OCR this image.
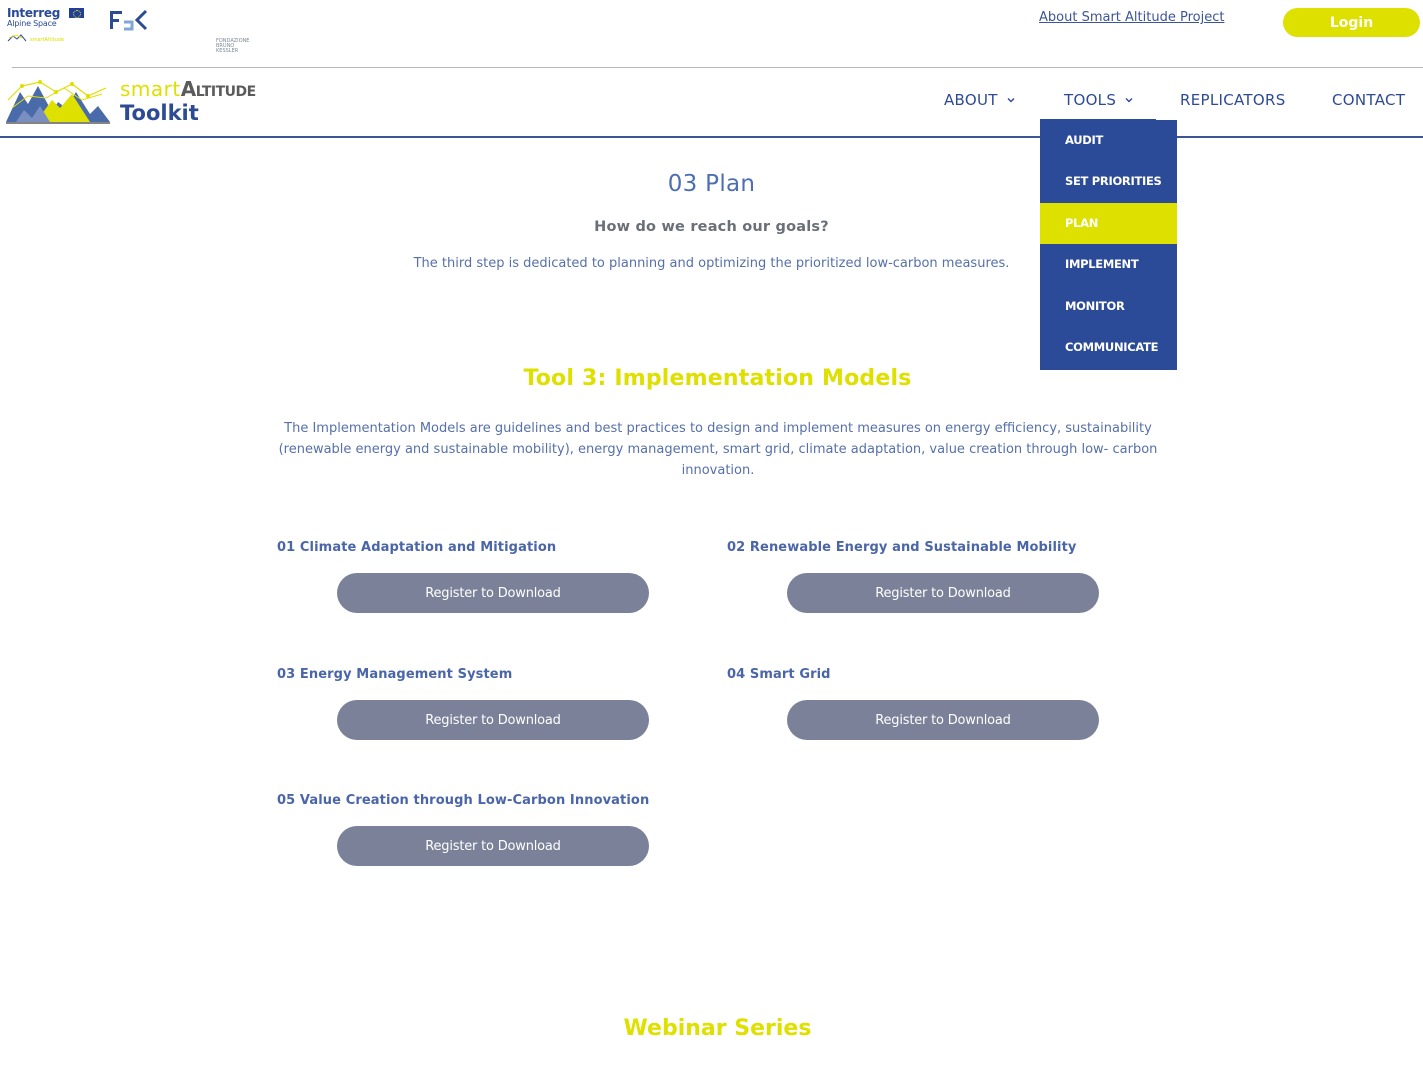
Interreg
Alpine Space
smartAltitude	FONDAZIONE
BRUNO KESSLER
About Smart Altitude Project	Login
smartAltitude
Toolkit
ABOUT	TOOLS	REPLICATORS	CONTACT
AUDIT
SET PRIORITIES
PLAN
IMPLEMENT
MONITOR
COMMUNICATE
03 Plan
How do we reach our goals?
The third step is dedicated to planning and optimizing the prioritized low-carbon measures.
Tool 3: Implementation Models
The Implementation Models are guidelines and best practices to design and implement measures on energy efficiency, sustainability (renewable energy and sustainable mobility), energy management, smart grid, climate adaptation, value creation through low- carbon innovation.
01 Climate Adaptation and Mitigation
Register to Download
02 Renewable Energy and Sustainable Mobility
Register to Download
03 Energy Management System
Register to Download
04 Smart Grid
Register to Download
05 Value Creation through Low-Carbon Innovation
Register to Download
Webinar Series
